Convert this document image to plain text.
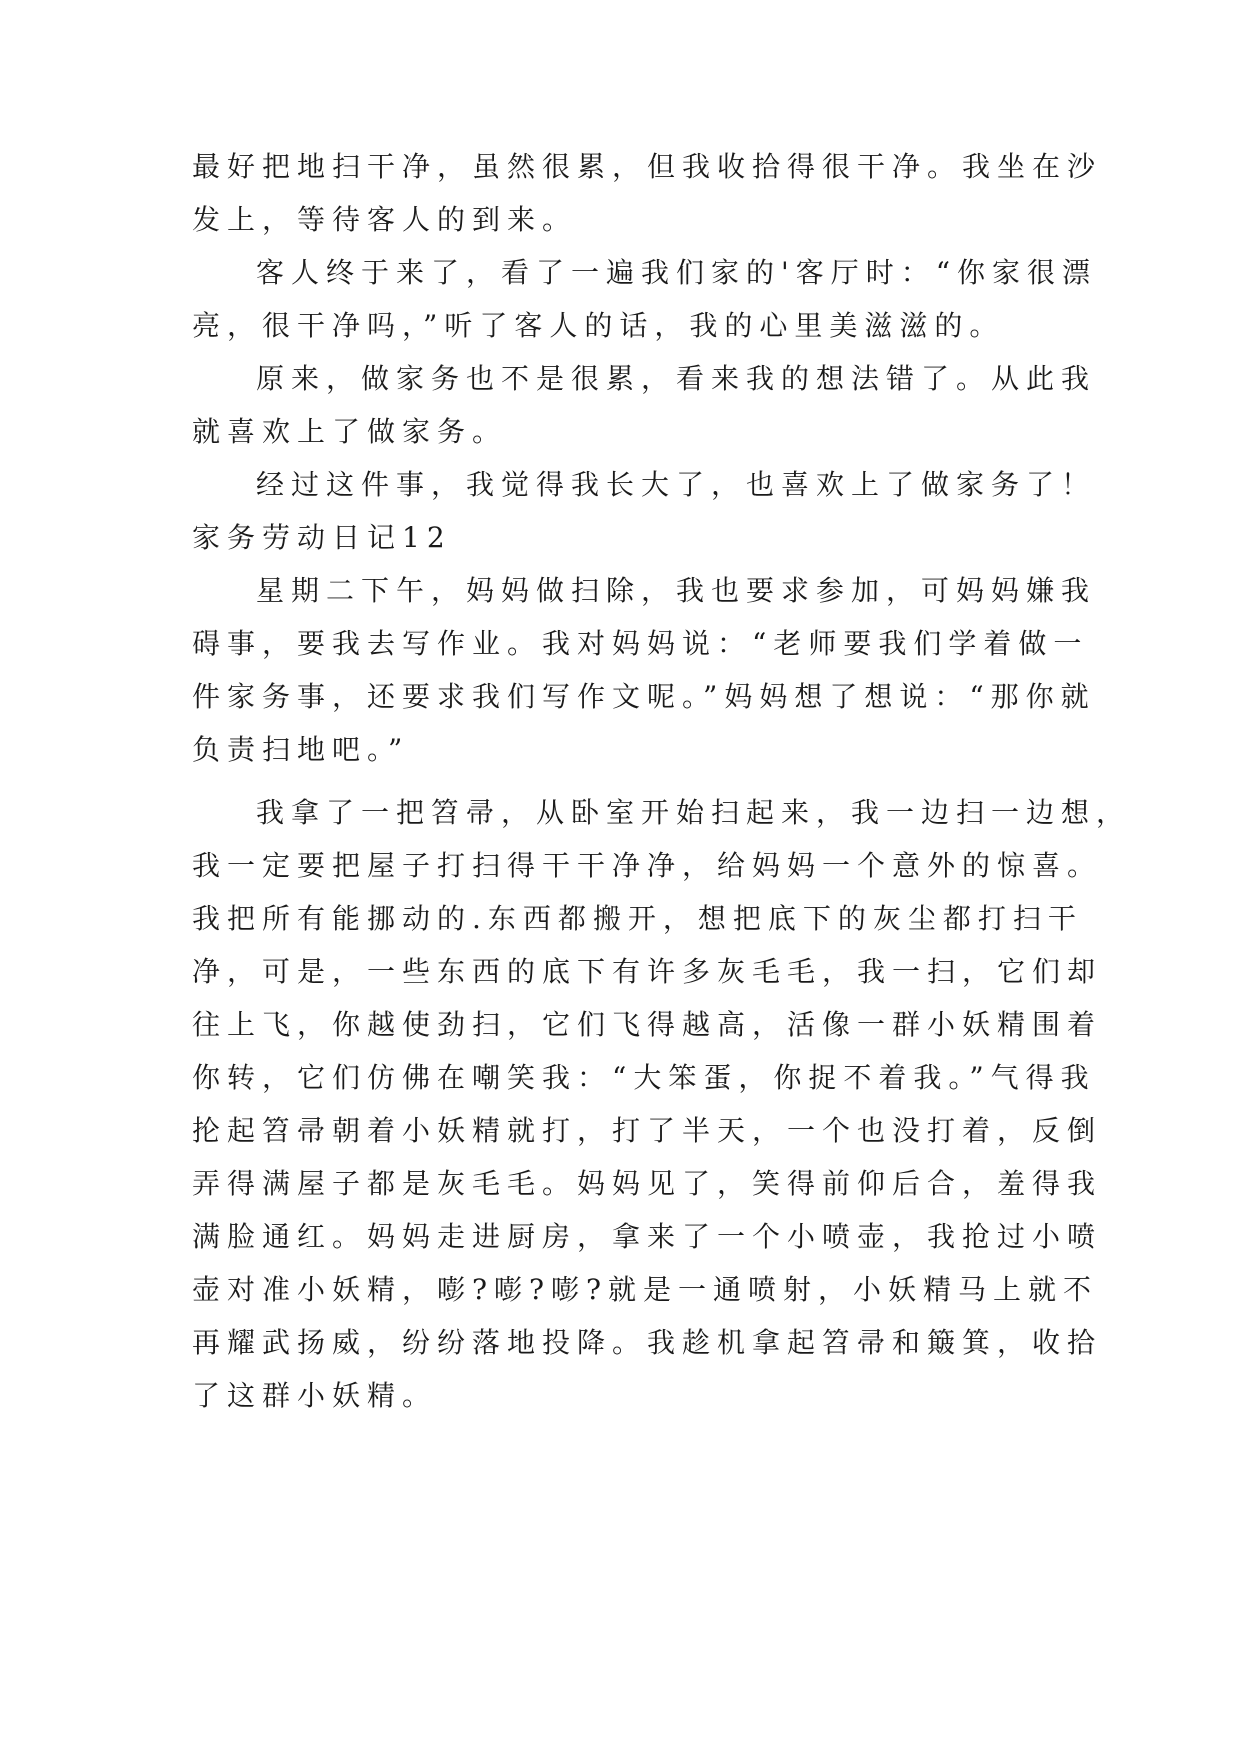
最好把地扫干净，虽然很累，但我收拾得很干净。我坐在沙
发上，等待客人的到来。
客人终于来了，看了一遍我们家的'客厅时：“你家很漂
亮，很干净吗，”听了客人的话，我的心里美滋滋的。
原来，做家务也不是很累，看来我的想法错了。从此我
就喜欢上了做家务。
经过这件事，我觉得我长大了，也喜欢上了做家务了！
家务劳动日记12
星期二下午，妈妈做扫除，我也要求参加，可妈妈嫌我
碍事，要我去写作业。我对妈妈说：“老师要我们学着做一
件家务事，还要求我们写作文呢。”妈妈想了想说：“那你就
负责扫地吧。”
我拿了一把笤帚，从卧室开始扫起来，我一边扫一边想，
我一定要把屋子打扫得干干净净，给妈妈一个意外的惊喜。
我把所有能挪动的.东西都搬开，想把底下的灰尘都打扫干
净，可是，一些东西的底下有许多灰毛毛，我一扫，它们却
往上飞，你越使劲扫，它们飞得越高，活像一群小妖精围着
你转，它们仿佛在嘲笑我：“大笨蛋，你捉不着我。”气得我
抡起笤帚朝着小妖精就打，打了半天，一个也没打着，反倒
弄得满屋子都是灰毛毛。妈妈见了，笑得前仰后合，羞得我
满脸通红。妈妈走进厨房，拿来了一个小喷壶，我抢过小喷
壶对准小妖精，嘭?嘭?嘭?就是一通喷射，小妖精马上就不
再耀武扬威，纷纷落地投降。我趁机拿起笤帚和簸箕，收拾
了这群小妖精。
